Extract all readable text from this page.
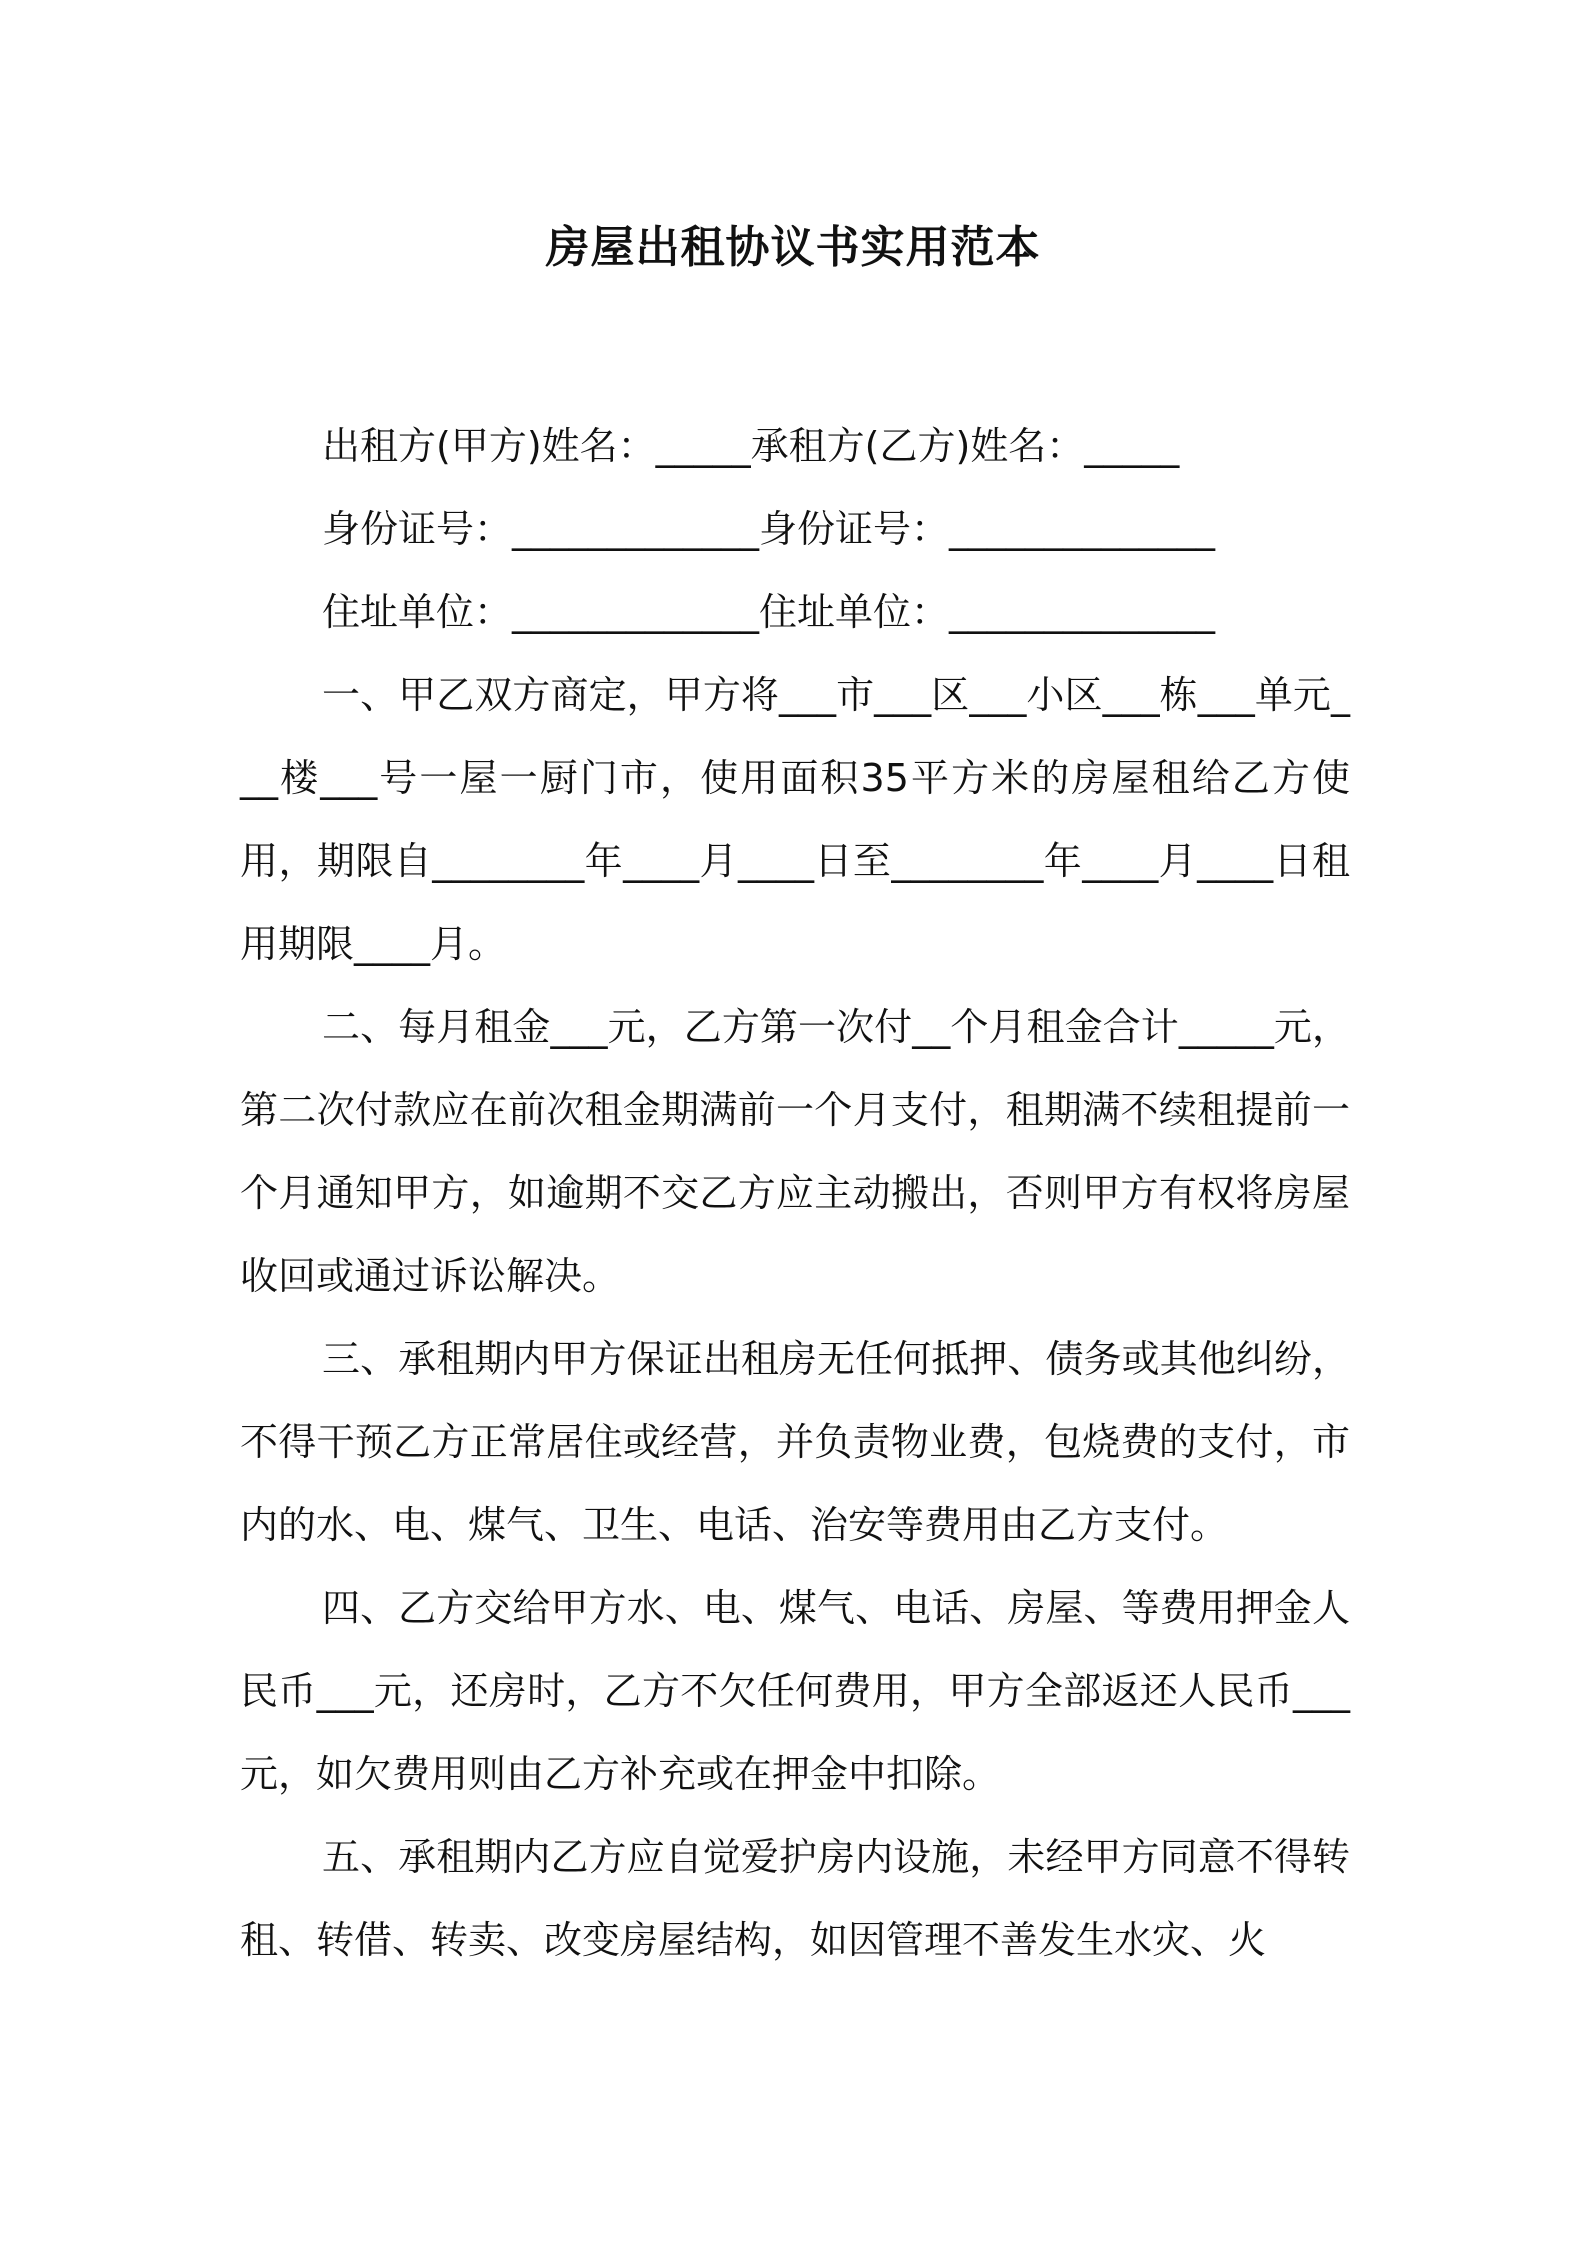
房屋出租协议书实用范本

出租方(甲方)姓名：_____承租方(乙方)姓名：_____

身份证号：_____________身份证号：______________

住址单位：_____________住址单位：______________

一、甲乙双方商定，甲方将___市___区___小区___栋___单元___楼___号一屋一厨门市，使用面积35平方米的房屋租给乙方使用，期限自________年____月____日至________年____月____日租用期限____月。

二、每月租金___元，乙方第一次付__个月租金合计_____元，第二次付款应在前次租金期满前一个月支付，租期满不续租提前一个月通知甲方，如逾期不交乙方应主动搬出，否则甲方有权将房屋收回或通过诉讼解决。

三、承租期内甲方保证出租房无任何抵押、债务或其他纠纷，不得干预乙方正常居住或经营，并负责物业费，包烧费的支付，市内的水、电、煤气、卫生、电话、治安等费用由乙方支付。

四、乙方交给甲方水、电、煤气、电话、房屋、等费用押金人民币___元，还房时，乙方不欠任何费用，甲方全部返还人民币___元，如欠费用则由乙方补充或在押金中扣除。

五、承租期内乙方应自觉爱护房内设施，未经甲方同意不得转租、转借、转卖、改变房屋结构，如因管理不善发生水灾、火
